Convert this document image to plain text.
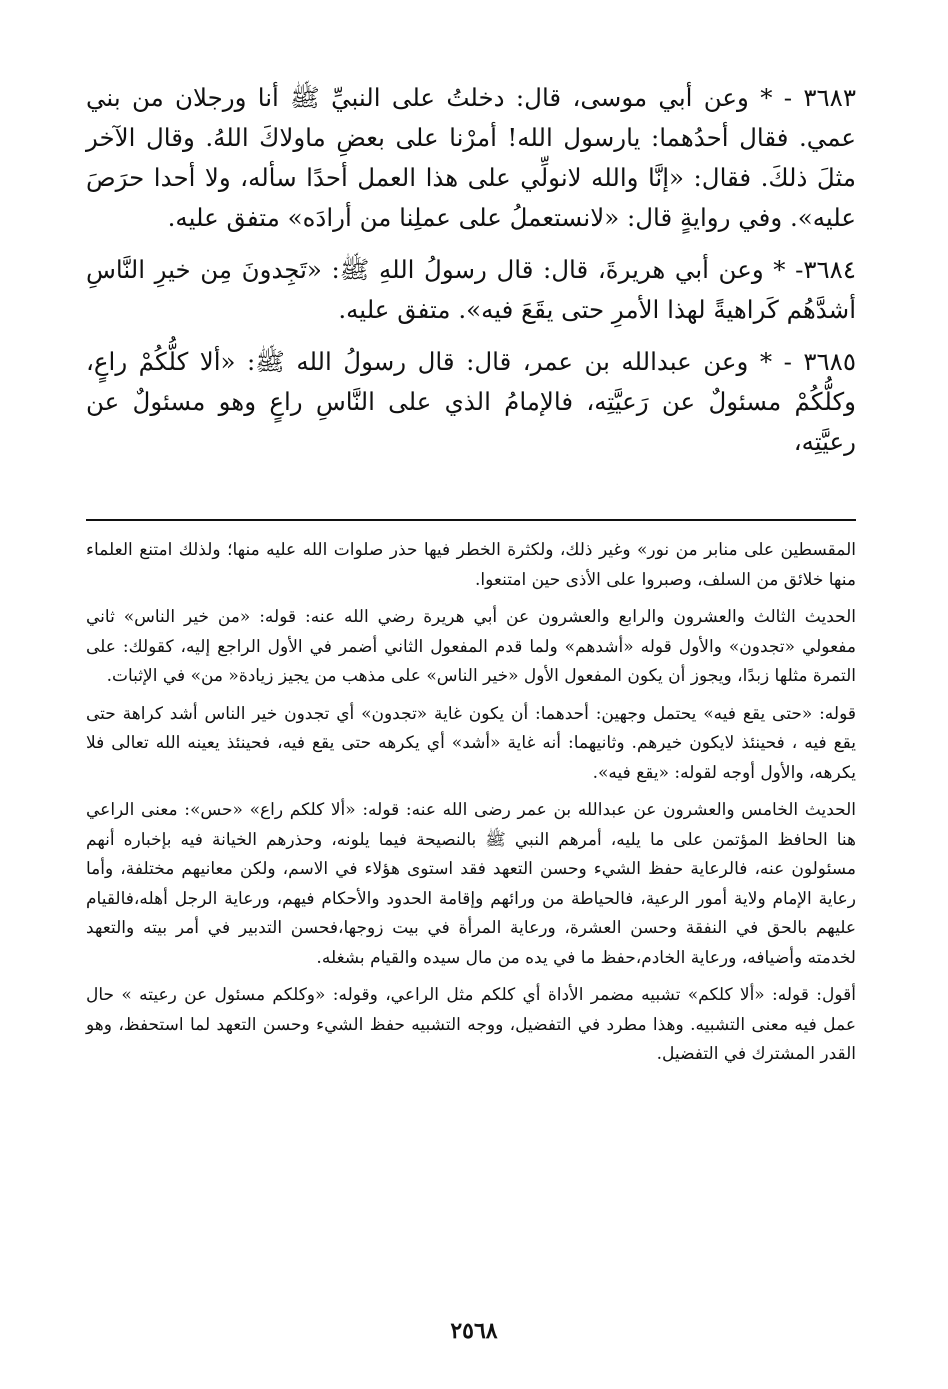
٣٦٨٣ - * وعن أبي موسى، قال: دخلتُ على النبيِّ ﷺ أنا ورجلان من بني عمي. فقال أحدُهما: يارسول الله! أمرْنا على بعضِ ماولاكَ اللهُ. وقال الآخر مثلَ ذلكَ. فقال: «إنَّا والله لانولِّي على هذا العمل أحدًا سأله، ولا أحدا حرَصَ عليه». وفي روايةٍ قال: «لانستعملُ على عملِنا من أرادَه» متفق عليه.

٣٦٨٤- * وعن أبي هريرةَ، قال: قال رسولُ اللهِ ﷺ: «تَجِدونَ مِن خيرِ النَّاسِ أشدَّهُم كَراهيةً لهذا الأمرِ حتى يقَعَ فيه». متفق عليه.

٣٦٨٥ - * وعن عبدالله بن عمر، قال: قال رسولُ الله ﷺ: «ألا كلُّكُمْ راعٍ، وكلُّكُمْ مسئولٌ عن رَعيَّتِه، فالإمامُ الذي على النَّاسِ راعٍ وهو مسئولٌ عن رعيَّتِه،

المقسطين على منابر من نور» وغير ذلك، ولكثرة الخطر فيها حذر صلوات الله عليه منها؛ ولذلك امتنع العلماء منها خلائق من السلف، وصبروا على الأذى حين امتنعوا.

الحديث الثالث والعشرون والرابع والعشرون عن أبي هريرة رضي الله عنه: قوله: «من خير الناس» ثاني مفعولي «تجدون» والأول قوله «أشدهم» ولما قدم المفعول الثاني أضمر في الأول الراجع إليه، كقولك: على التمرة مثلها زبدًا، ويجوز أن يكون المفعول الأول «خير الناس» على مذهب من يجيز زيادة« من» في الإثبات.

قوله: «حتى يقع فيه» يحتمل وجهين: أحدهما: أن يكون غاية «تجدون» أي تجدون خير الناس أشد كراهة حتى يقع فيه ، فحينئذ لايكون خيرهم. وثانيهما: أنه غاية «أشد» أي يكرهه حتى يقع فيه، فحينئذ يعينه الله تعالى فلا يكرهه، والأول أوجه لقوله: «يقع فيه».

الحديث الخامس والعشرون عن عبدالله بن عمر رضى الله عنه: قوله: «ألا كلكم راع» «حس»: معنى الراعي هنا الحافظ المؤتمن على ما يليه، أمرهم النبي ﷺ بالنصيحة فيما يلونه، وحذرهم الخيانة فيه بإخباره أنهم مسئولون عنه، فالرعاية حفظ الشيء وحسن التعهد فقد استوى هؤلاء في الاسم، ولكن معانيهم مختلفة، وأما رعاية الإمام ولاية أمور الرعية، فالحياطة من ورائهم وإقامة الحدود والأحكام فيهم، ورعاية الرجل أهله،فالقيام عليهم بالحق في النفقة وحسن العشرة، ورعاية المرأة في بيت زوجها،فحسن التدبير في أمر بيته والتعهد لخدمته وأضيافه، ورعاية الخادم،حفظ ما في يده من مال سيده والقيام بشغله.

أقول: قوله: «ألا كلكم» تشبيه مضمر الأداة أي كلكم مثل الراعي، وقوله: «وكلكم مسئول عن رعيته » حال عمل فيه معنى التشبيه. وهذا مطرد في التفضيل، ووجه التشبيه حفظ الشيء وحسن التعهد لما استحفظ، وهو القدر المشترك في التفضيل.

٢٥٦٨
